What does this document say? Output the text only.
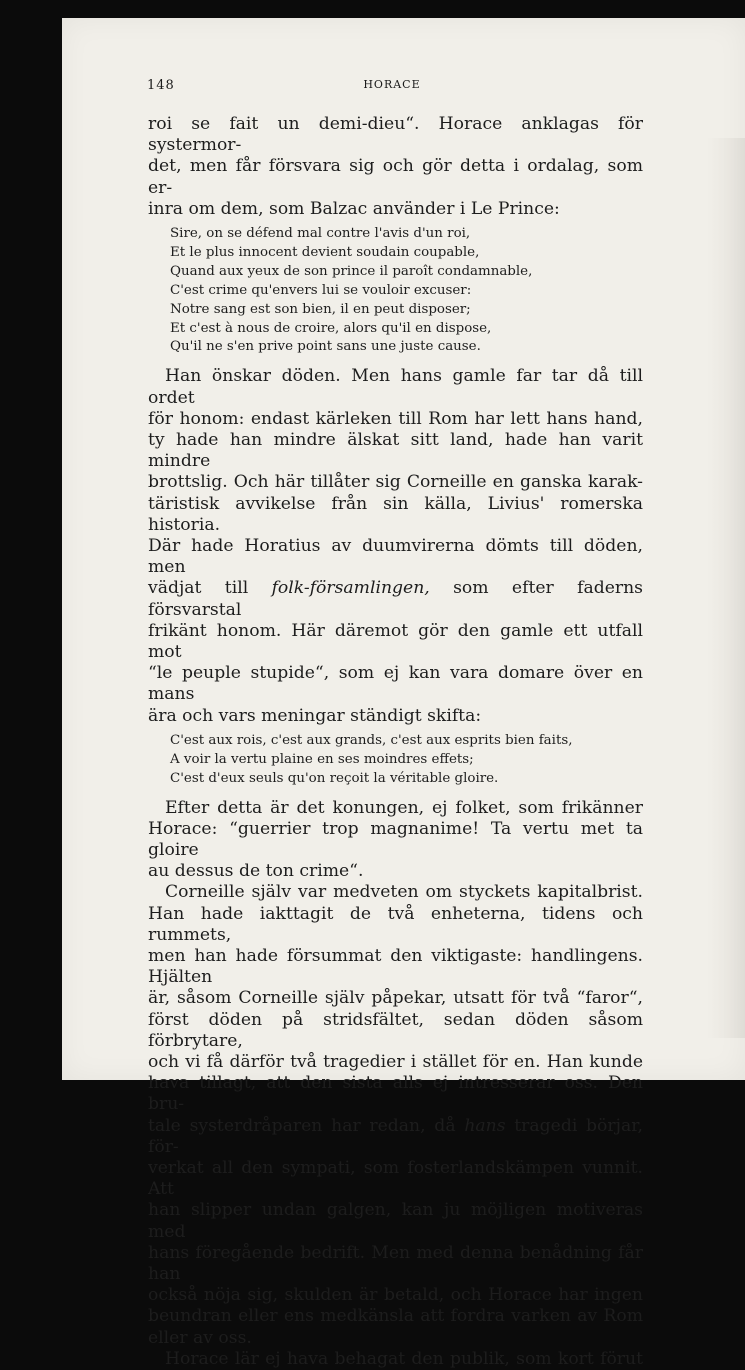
148	HORACE

roi se fait un demi-dieu“. Horace anklagas för systermor-

det, men får försvara sig och gör detta i ordalag, som er-

inra om dem, som Balzac använder i Le Prince:

Sire, on se défend mal contre l'avis d'un roi,
Et le plus innocent devient soudain coupable,
Quand aux yeux de son prince il paroît condamnable,
C'est crime qu'envers lui se vouloir excuser:
Notre sang est son bien, il en peut disposer;
Et c'est à nous de croire, alors qu'il en dispose,
Qu'il ne s'en prive point sans une juste cause.

Han önskar döden. Men hans gamle far tar då till ordet

för honom: endast kärleken till Rom har lett hans hand,

ty hade han mindre älskat sitt land, hade han varit mindre

brottslig. Och här tillåter sig Corneille en ganska karak-

täristisk avvikelse från sin källa, Livius' romerska historia.

Där hade Horatius av duumvirerna dömts till döden, men

vädjat till folk-församlingen, som efter faderns försvarstal

frikänt honom. Här däremot gör den gamle ett utfall mot

“le peuple stupide“, som ej kan vara domare över en mans

ära och vars meningar ständigt skifta:

C'est aux rois, c'est aux grands, c'est aux esprits bien faits,
A voir la vertu plaine en ses moindres effets;
C'est d'eux seuls qu'on reçoit la véritable gloire.

Efter detta är det konungen, ej folket, som frikänner

Horace: “guerrier trop magnanime! Ta vertu met ta gloire

au dessus de ton crime“.

Corneille själv var medveten om styckets kapitalbrist.

Han hade iakttagit de två enheterna, tidens och rummets,

men han hade försummat den viktigaste: handlingens. Hjälten

är, såsom Corneille själv påpekar, utsatt för två “faror“,

först döden på stridsfältet, sedan döden såsom förbrytare,

och vi få därför två tragedier i stället för en. Han kunde

hava tillagt, att den sista alls ej intresserar oss. Den bru-

tale systerdråparen har redan, då hans tragedi börjar, för-

verkat all den sympati, som fosterlandskämpen vunnit. Att

han slipper undan galgen, kan ju möjligen motiveras med

hans föregående bedrift. Men med denna benådning får han

också nöja sig, skulden är betald, och Horace har ingen

beundran eller ens medkänsla att fordra varken av Rom

eller av oss.

Horace lär ej hava behagat den publik, som kort förut
